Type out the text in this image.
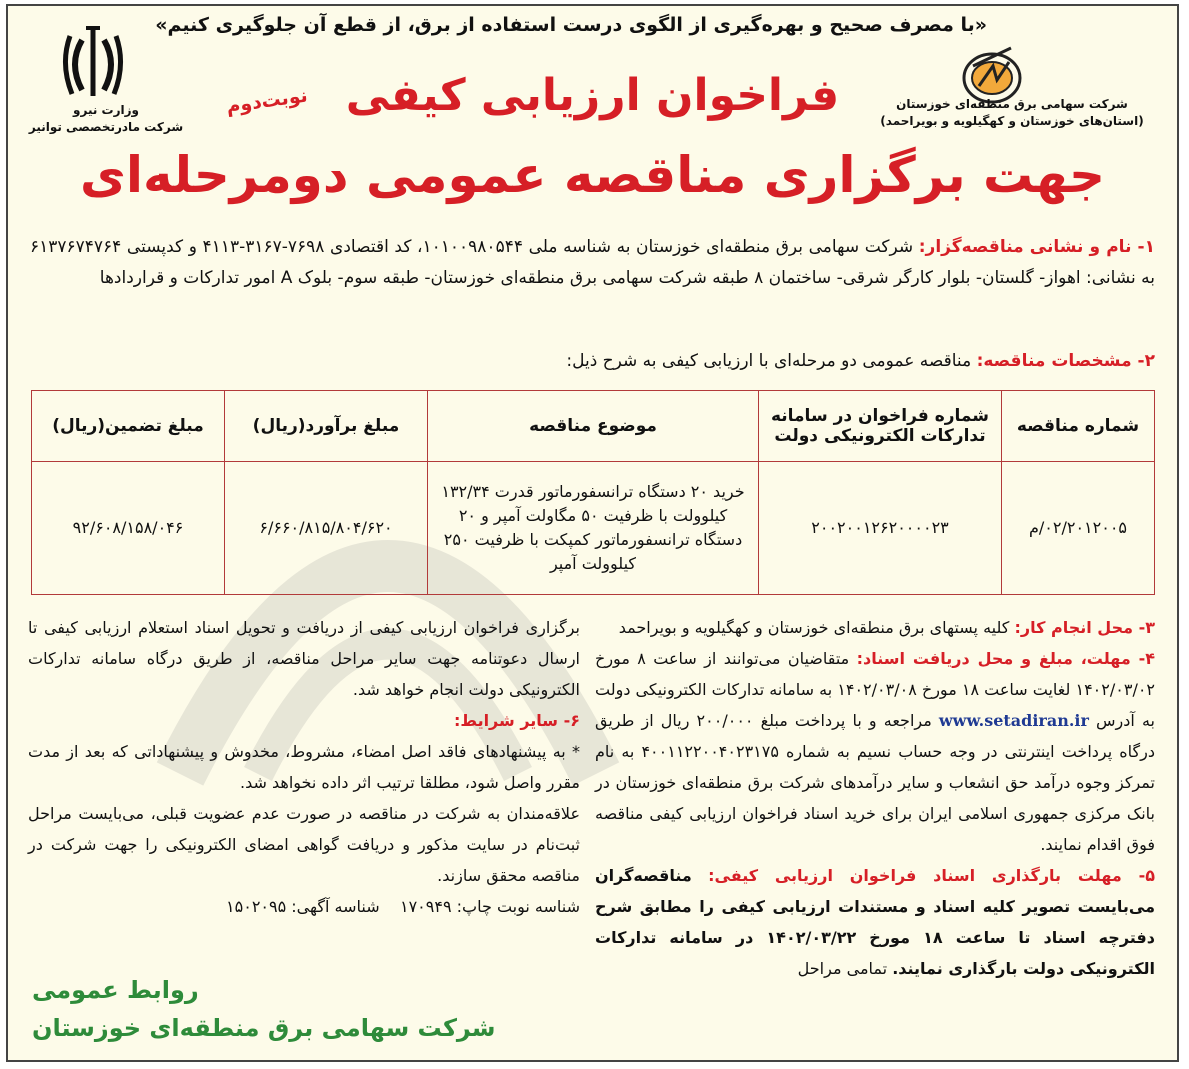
«با مصرف صحیح و بهره‌گیری از الگوی درست استفاده از برق، از قطع آن جلوگیری کنیم»
شرکت سهامی برق منطقه‌ای خوزستان
(استان‌های خوزستان و کهگیلویه و بویراحمد)
وزارت نیرو
شرکت مادرتخصصی توانیر
فراخوان ارزیابی کیفی
نوبت‌دوم
جهت برگزاری مناقصه عمومی دومرحله‌ای
۱- نام و نشانی مناقصه‌گزار: شرکت سهامی برق منطقه‌ای خوزستان به شناسه ملی ۱۰۱۰۰۹۸۰۵۴۴، کد اقتصادی ۷۶۹۸-۳۱۶۷-۴۱۱۳ و کدپستی ۶۱۳۷۶۷۴۷۶۴ به نشانی: اهواز- گلستان- بلوار کارگر شرقی- ساختمان ۸ طبقه شرکت سهامی برق منطقه‌ای خوزستان- طبقه سوم- بلوک A امور تدارکات و قراردادها
۲- مشخصات مناقصه: مناقصه عمومی دو مرحله‌ای با ارزیابی کیفی به شرح ذیل:
شماره مناقصه	شماره فراخوان در سامانه تدارکات الکترونیکی دولت	موضوع مناقصه	مبلغ برآورد(ریال)	مبلغ تضمین(ریال)
۰۲/۲۰۱۲۰۰۵/م	۲۰۰۲۰۰۱۲۶۲۰۰۰۰۲۳	خرید ۲۰ دستگاه ترانسفورماتور قدرت ۱۳۲/۳۴ کیلوولت با ظرفیت ۵۰ مگاولت آمپر و ۲۰ دستگاه ترانسفورماتور کمپکت با ظرفیت ۲۵۰ کیلوولت آمپر	۶/۶۶۰/۸۱۵/۸۰۴/۶۲۰	۹۲/۶۰۸/۱۵۸/۰۴۶

۳- محل انجام کار: کلیه پستهای برق منطقه‌ای خوزستان و کهگیلویه و بویراحمد

۴- مهلت، مبلغ و محل دریافت اسناد: متقاضیان می‌توانند از ساعت ۸ مورخ ۱۴۰۲/۰۳/۰۲ لغایت ساعت ۱۸ مورخ ۱۴۰۲/۰۳/۰۸ به سامانه تدارکات الکترونیکی دولت به آدرس www.setadiran.ir مراجعه و با پرداخت مبلغ ۲۰۰/۰۰۰ ریال از طریق درگاه پرداخت اینترنتی در وجه حساب نسیم به شماره ۴۰۰۱۱۲۲۰۰۴۰۲۳۱۷۵ به نام تمرکز وجوه درآمد حق انشعاب و سایر درآمدهای شرکت برق منطقه‌ای خوزستان در بانک مرکزی جمهوری اسلامی ایران برای خرید اسناد فراخوان ارزیابی کیفی مناقصه فوق اقدام نمایند.

۵- مهلت بارگذاری اسناد فراخوان ارزیابی کیفی: مناقصه‌گران می‌بایست تصویر کلیه اسناد و مستندات ارزیابی کیفی را مطابق شرح دفترچه اسناد تا ساعت ۱۸ مورخ ۱۴۰۲/۰۳/۲۲ در سامانه تدارکات الکترونیکی دولت بارگذاری نمایند. تمامی مراحل

برگزاری فراخوان ارزیابی کیفی از دریافت و تحویل اسناد استعلام ارزیابی کیفی تا ارسال دعوتنامه جهت سایر مراحل مناقصه، از طریق درگاه سامانه تدارکات الکترونیکی دولت انجام خواهد شد.

۶- سایر شرایط:

* به پیشنهادهای فاقد اصل امضاء، مشروط، مخدوش و پیشنهاداتی که بعد از مدت مقرر واصل شود، مطلقا ترتیب اثر داده نخواهد شد.

علاقه‌مندان به شرکت در مناقصه در صورت عدم عضویت قبلی، می‌بایست مراحل ثبت‌نام در سایت مذکور و دریافت گواهی امضای الکترونیکی را جهت شرکت در مناقصه محقق سازند.

شناسه نوبت چاپ: ۱۷۰۹۴۹    شناسه آگهی: ۱۵۰۲۰۹۵

روابط عمومی
شرکت سهامی برق منطقه‌ای خوزستان
